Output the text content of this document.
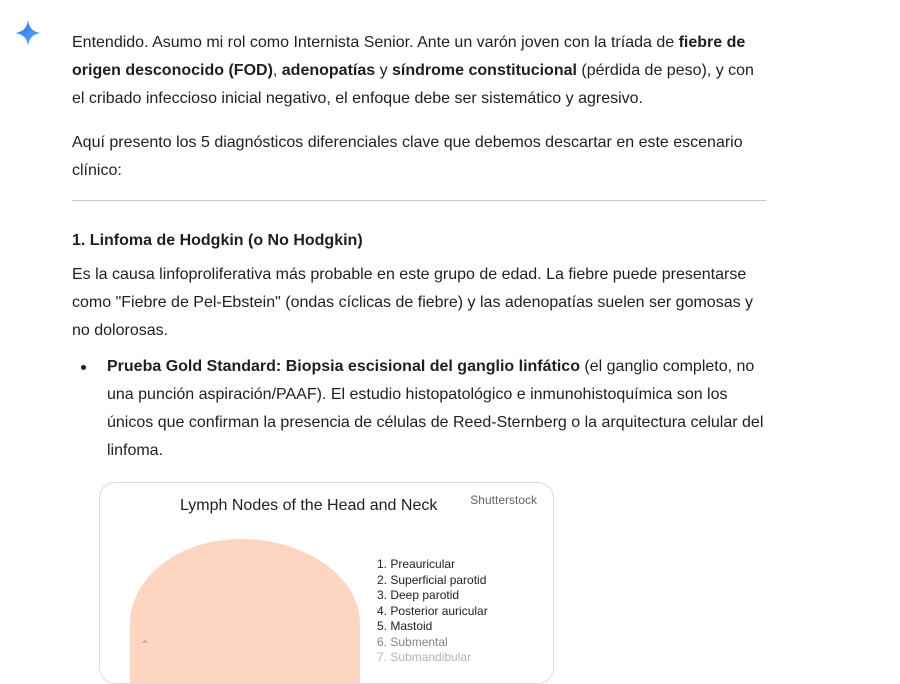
Entendido. Asumo mi rol como Internista Senior. Ante un varón joven con la tríada de fiebre de origen desconocido (FOD), adenopatías y síndrome constitucional (pérdida de peso), y con el cribado infeccioso inicial negativo, el enfoque debe ser sistemático y agresivo.

Aquí presento los 5 diagnósticos diferenciales clave que debemos descartar en este escenario clínico:

1. Linfoma de Hodgkin (o No Hodgkin)

Es la causa linfoproliferativa más probable en este grupo de edad. La fiebre puede presentarse como "Fiebre de Pel-Ebstein" (ondas cíclicas de fiebre) y las adenopatías suelen ser gomosas y no dolorosas.

Prueba Gold Standard: Biopsia escisional del ganglio linfático (el ganglio completo, no una punción aspiración/PAAF). El estudio histopatológico e inmunohistoquímica son los únicos que confirman la presencia de células de Reed-Sternberg o la arquitectura celular del linfoma.
Lymph Nodes of the Head and Neck	Shutterstock
⌃
1. Preauricular
2. Superficial parotid
3. Deep parotid
4. Posterior auricular
5. Mastoid
6. Submental
7. Submandibular
